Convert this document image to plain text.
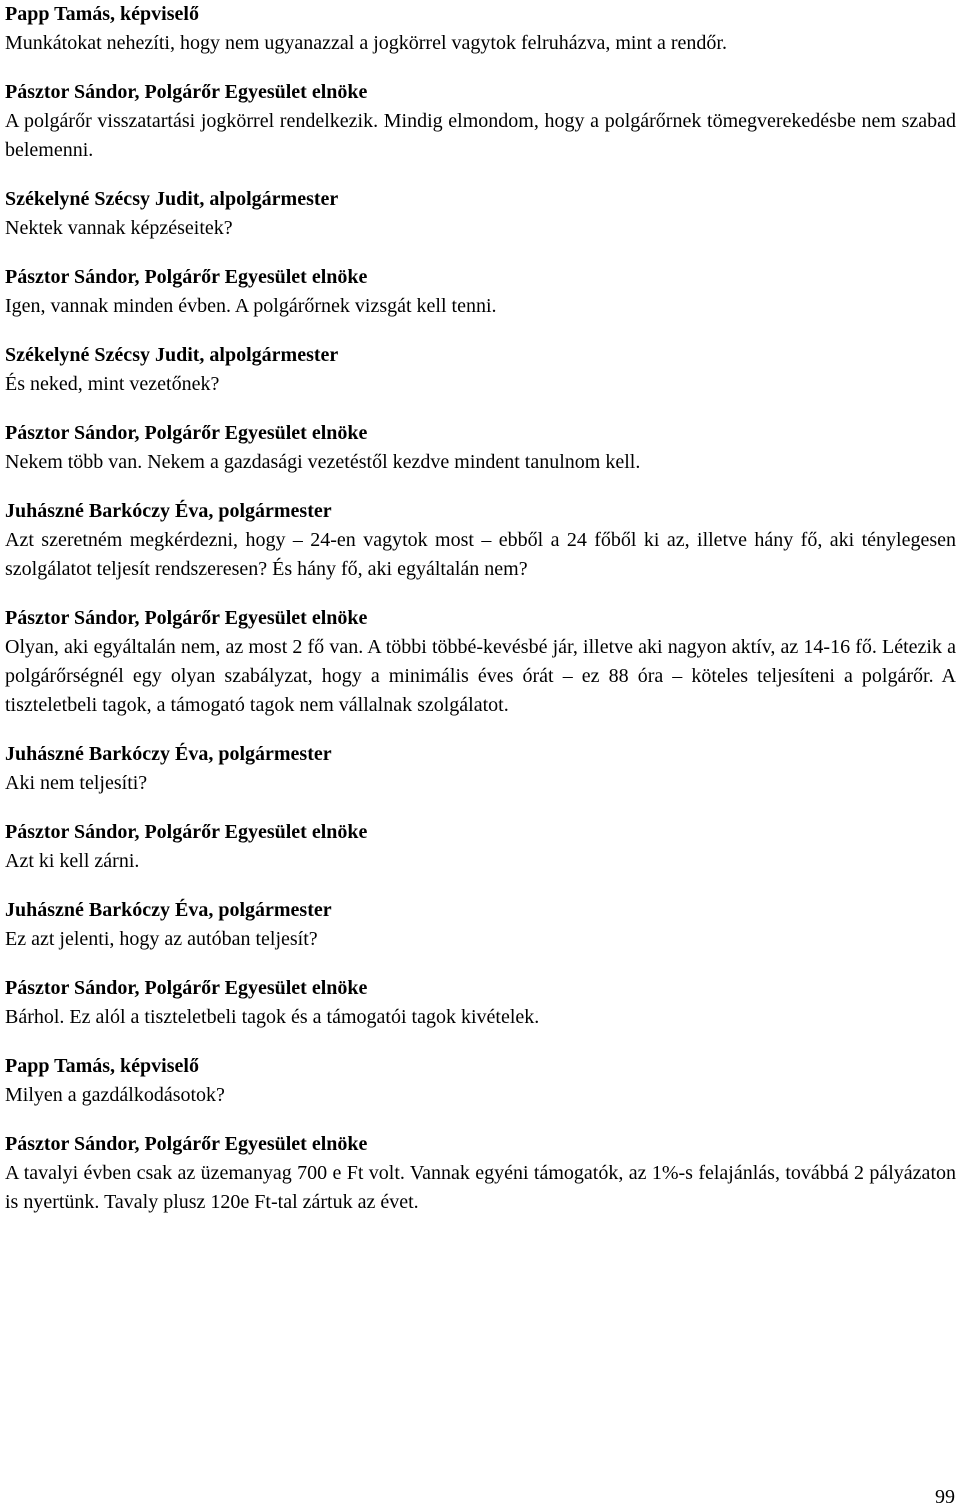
Papp Tamás, képviselő
Munkátokat nehezíti, hogy nem ugyanazzal a jogkörrel vagytok felruházva, mint a rendőr.
Pásztor Sándor, Polgárőr Egyesület elnöke
A polgárőr visszatartási jogkörrel rendelkezik. Mindig elmondom, hogy a polgárőrnek tömegverekedésbe nem szabad belemenni.
Székelyné Szécsy Judit, alpolgármester
Nektek vannak képzéseitek?
Pásztor Sándor, Polgárőr Egyesület elnöke
Igen, vannak minden évben. A polgárőrnek vizsgát kell tenni.
Székelyné Szécsy Judit, alpolgármester
És neked, mint vezetőnek?
Pásztor Sándor, Polgárőr Egyesület elnöke
Nekem több van. Nekem a gazdasági vezetéstől kezdve mindent tanulnom kell.
Juhászné Barkóczy Éva, polgármester
Azt szeretném megkérdezni, hogy – 24-en vagytok most – ebből a 24 főből ki az, illetve hány fő, aki ténylegesen szolgálatot teljesít rendszeresen? És hány fő, aki egyáltalán nem?
Pásztor Sándor, Polgárőr Egyesület elnöke
Olyan, aki egyáltalán nem, az most 2 fő van. A többi többé-kevésbé jár, illetve aki nagyon aktív, az 14-16 fő. Létezik a polgárőrségnél egy olyan szabályzat, hogy a minimális éves órát – ez 88 óra – köteles teljesíteni a polgárőr. A tiszteletbeli tagok, a támogató tagok nem vállalnak szolgálatot.
Juhászné Barkóczy Éva, polgármester
Aki nem teljesíti?
Pásztor Sándor, Polgárőr Egyesület elnöke
Azt ki kell zárni.
Juhászné Barkóczy Éva, polgármester
Ez azt jelenti, hogy az autóban teljesít?
Pásztor Sándor, Polgárőr Egyesület elnöke
Bárhol. Ez alól a tiszteletbeli tagok és a támogatói tagok kivételek.
Papp Tamás, képviselő
Milyen a gazdálkodásotok?
Pásztor Sándor, Polgárőr Egyesület elnöke
A tavalyi évben csak az üzemanyag 700 e Ft volt. Vannak egyéni támogatók, az 1%-s felajánlás, továbbá 2 pályázaton is nyertünk. Tavaly plusz 120e Ft-tal zártuk az évet.
99
